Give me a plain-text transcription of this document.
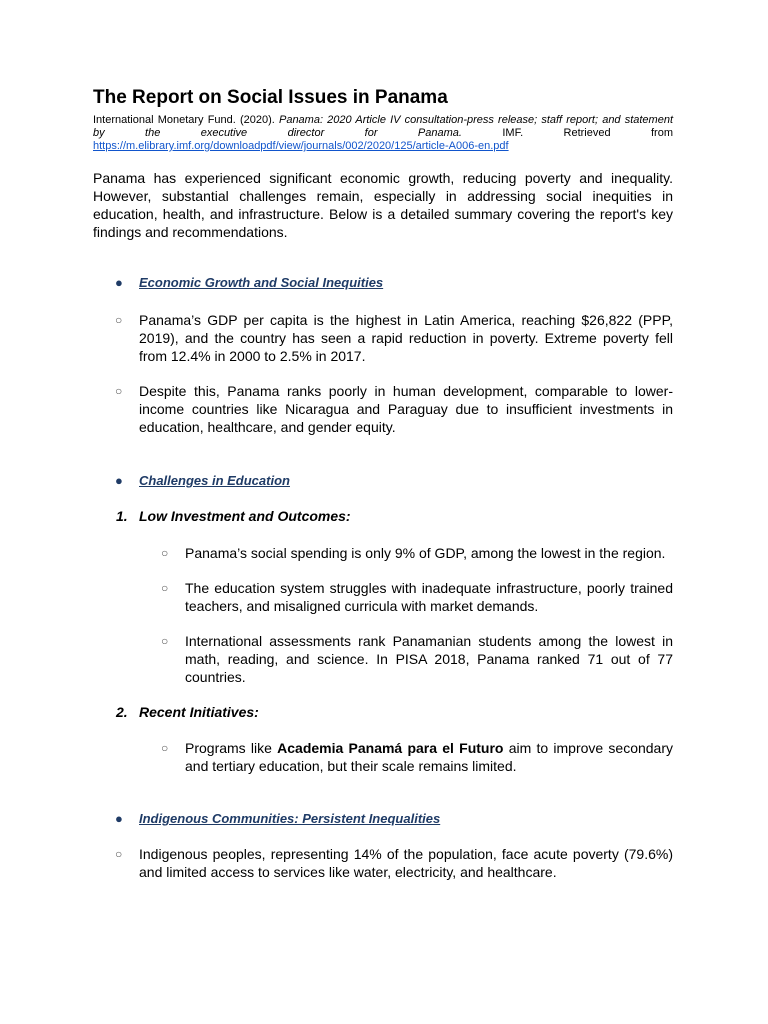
The Report on Social Issues in Panama
International Monetary Fund. (2020). Panama: 2020 Article IV consultation-press release; staff report; and statement by the executive director for Panama.	IMF. Retrieved from https://m.elibrary.imf.org/downloadpdf/view/journals/002/2020/125/article-A006-en.pdf

Panama has experienced significant economic growth, reducing poverty and inequality. However, substantial challenges remain, especially in addressing social inequities in education, health, and infrastructure. Below is a detailed summary covering the report's key findings and recommendations.

● Economic Growth and Social Inequities
○ Panama’s GDP per capita is the highest in Latin America, reaching $26,822 (PPP, 2019), and the country has seen a rapid reduction in poverty. Extreme poverty fell from 12.4% in 2000 to 2.5% in 2017.
○ Despite this, Panama ranks poorly in human development, comparable to lower-income countries like Nicaragua and Paraguay due to insufficient investments in education, healthcare, and gender equity.
● Challenges in Education
1. Low Investment and Outcomes:
○ Panama’s social spending is only 9% of GDP, among the lowest in the region.
○ The education system struggles with inadequate infrastructure, poorly trained teachers, and misaligned curricula with market demands.
○ International assessments rank Panamanian students among the lowest in math, reading, and science. In PISA 2018, Panama ranked 71 out of 77 countries.
2. Recent Initiatives:
○ Programs like Academia Panamá para el Futuro aim to improve secondary and tertiary education, but their scale remains limited.
● Indigenous Communities: Persistent Inequalities
○ Indigenous peoples, representing 14% of the population, face acute poverty (79.6%) and limited access to services like water, electricity, and healthcare.
